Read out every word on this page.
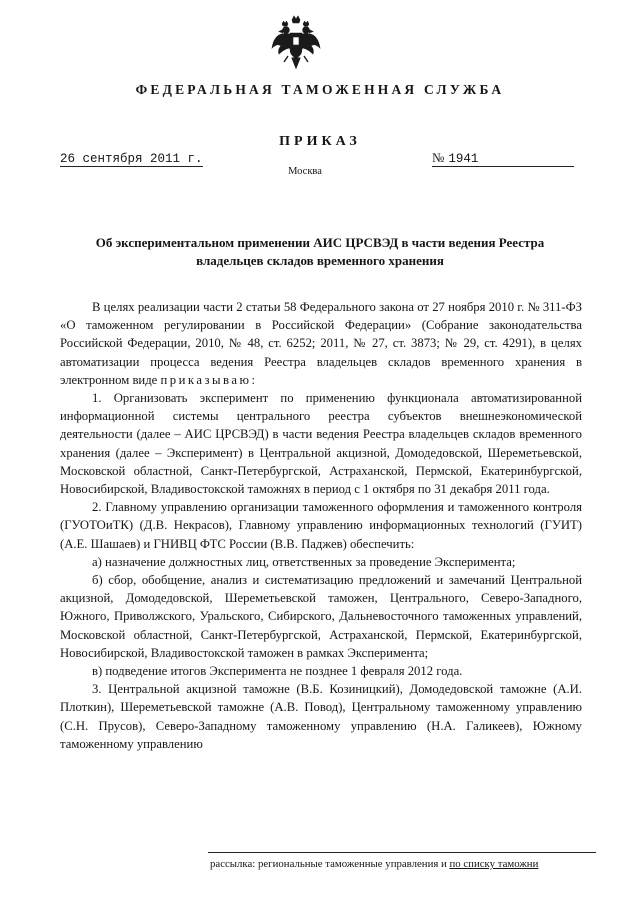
ФЕДЕРАЛЬНАЯ ТАМОЖЕННАЯ СЛУЖБА
ПРИКАЗ
26 сентября 2011 г.	№ 1941
Москва
Об экспериментальном применении АИС ЦРСВЭД в части ведения Реестра
владельцев складов временного хранения

В целях реализации части 2 статьи 58 Федерального закона от 27 ноября 2010 г. № 311-ФЗ «О таможенном регулировании в Российской Федерации» (Собрание законодательства Российской Федерации, 2010, № 48, ст. 6252; 2011, № 27, ст. 3873; № 29, ст. 4291), в целях автоматизации процесса ведения Реестра владельцев складов временного хранения в электронном виде приказываю:

1. Организовать эксперимент по применению функционала автоматизированной информационной системы центрального реестра субъектов внешнеэкономической деятельности (далее – АИС ЦРСВЭД) в части ведения Реестра владельцев складов временного хранения (далее – Эксперимент) в Центральной акцизной, Домодедовской, Шереметьевской, Московской областной, Санкт-Петербургской, Астраханской, Пермской, Екатеринбургской, Новосибирской, Владивостокской таможнях в период с 1 октября по 31 декабря 2011 года.

2. Главному управлению организации таможенного оформления и таможенного контроля (ГУОТОиТК) (Д.В. Некрасов), Главному управлению информационных технологий (ГУИТ) (А.Е. Шашаев) и ГНИВЦ ФТС России (В.В. Паджев) обеспечить:

а) назначение должностных лиц, ответственных за проведение Эксперимента;

б) сбор, обобщение, анализ и систематизацию предложений и замечаний Центральной акцизной, Домодедовской, Шереметьевской таможен, Центрального, Северо-Западного, Южного, Приволжского, Уральского, Сибирского, Дальневосточного таможенных управлений, Московской областной, Санкт-Петербургской, Астраханской, Пермской, Екатеринбургской, Новосибирской, Владивостокской таможен в рамках Эксперимента;

в) подведение итогов Эксперимента не позднее 1 февраля 2012 года.

3. Центральной акцизной таможне (В.Б. Козиницкий), Домодедовской таможне (А.И. Плоткин), Шереметьевской таможне (А.В. Повод), Центральному таможенному управлению (С.Н. Прусов), Северо-Западному таможенному управлению (Н.А. Галикеев), Южному таможенному управлению

рассылка: региональные таможенные управления и по списку таможни
